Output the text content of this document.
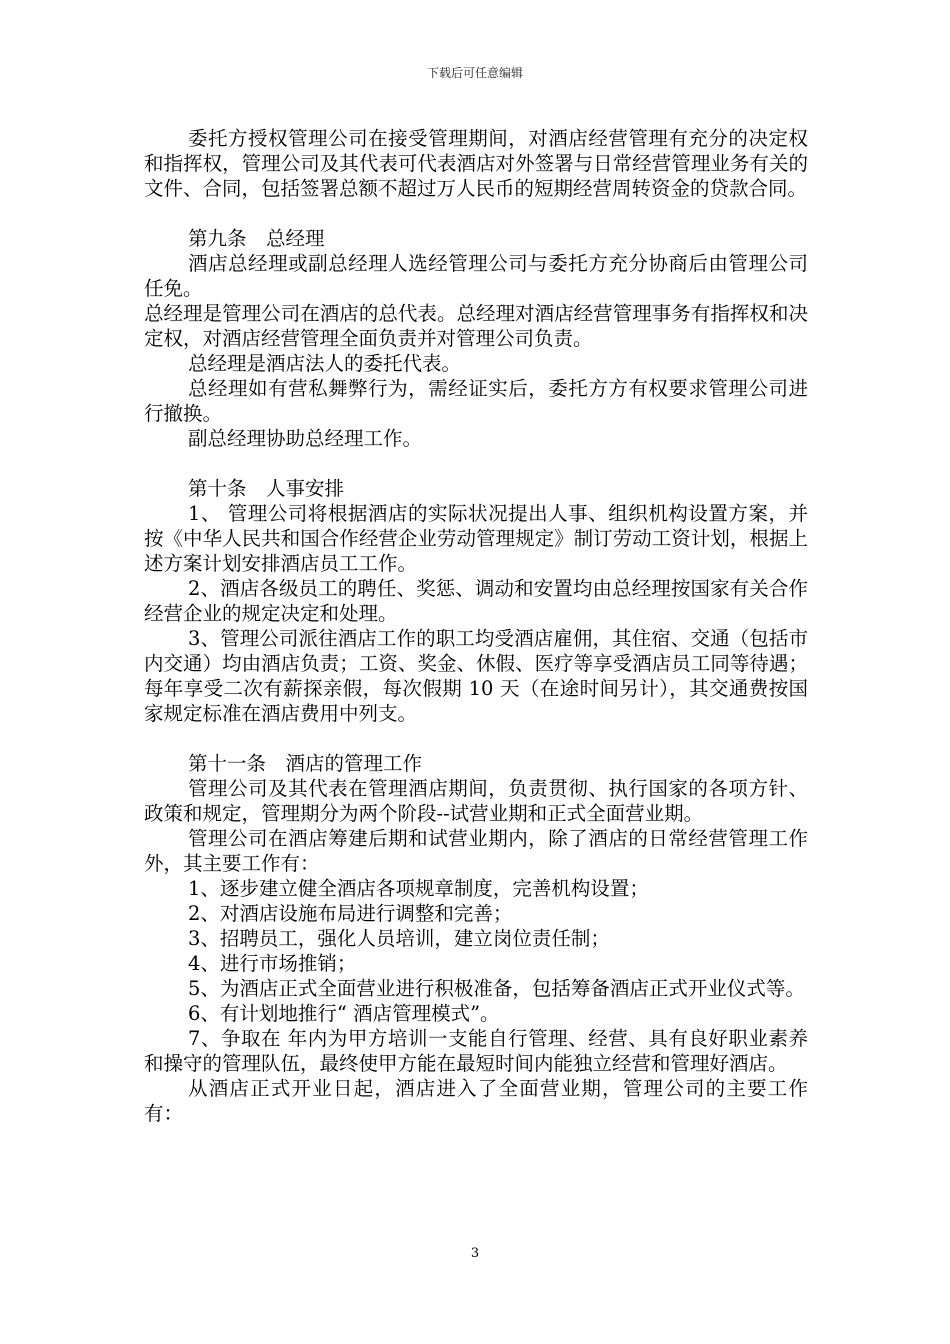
下载后可任意编辑

委托方授权管理公司在接受管理期间，对酒店经营管理有充分的决定权和指挥权，管理公司及其代表可代表酒店对外签署与日常经营管理业务有关的文件、合同，包括签署总额不超过万人民币的短期经营周转资金的贷款合同。

第九条　总经理

酒店总经理或副总经理人选经管理公司与委托方充分协商后由管理公司任免。

总经理是管理公司在酒店的总代表。总经理对酒店经营管理事务有指挥权和决定权，对酒店经营管理全面负责并对管理公司负责。

总经理是酒店法人的委托代表。

总经理如有营私舞弊行为，需经证实后，委托方方有权要求管理公司进行撤换。

副总经理协助总经理工作。

第十条　人事安排

1、 管理公司将根据酒店的实际状况提出人事、组织机构设置方案，并按《中华人民共和国合作经营企业劳动管理规定》制订劳动工资计划，根据上述方案计划安排酒店员工工作。

2、酒店各级员工的聘任、奖惩、调动和安置均由总经理按国家有关合作经营企业的规定决定和处理。

3、管理公司派往酒店工作的职工均受酒店雇佣，其住宿、交通（包括市内交通）均由酒店负责；工资、奖金、休假、医疗等享受酒店员工同等待遇；每年享受二次有薪探亲假，每次假期 10 天（在途时间另计），其交通费按国家规定标准在酒店费用中列支。

第十一条　酒店的管理工作

管理公司及其代表在管理酒店期间，负责贯彻、执行国家的各项方针、政策和规定，管理期分为两个阶段--试营业期和正式全面营业期。

管理公司在酒店筹建后期和试营业期内，除了酒店的日常经营管理工作外，其主要工作有：

1、逐步建立健全酒店各项规章制度，完善机构设置；

2、对酒店设施布局进行调整和完善；

3、招聘员工，强化人员培训，建立岗位责任制；

4、进行市场推销；

5、为酒店正式全面营业进行积极准备，包括筹备酒店正式开业仪式等。

6、有计划地推行“ 酒店管理模式”。

7、争取在 年内为甲方培训一支能自行管理、经营、具有良好职业素养和操守的管理队伍，最终使甲方能在最短时间内能独立经营和管理好酒店。

从酒店正式开业日起，酒店进入了全面营业期，管理公司的主要工作有：

3
